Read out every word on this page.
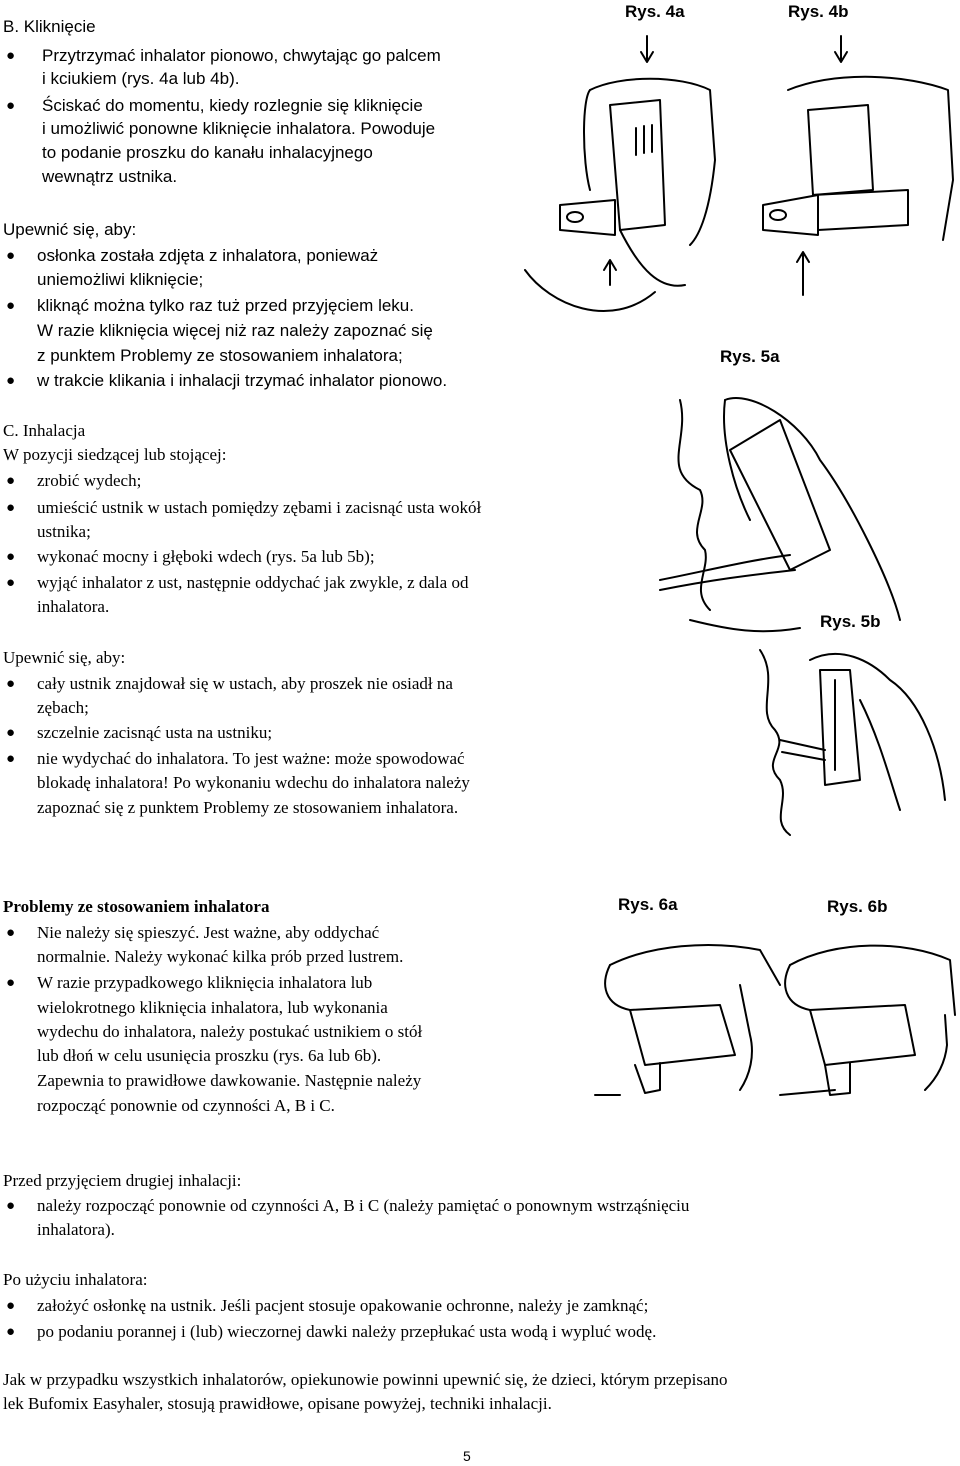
B. Kliknięcie
● Przytrzymać inhalator pionowo, chwytając go palcem
i kciukiem (rys. 4a lub 4b).
● Ściskać do momentu, kiedy rozlegnie się kliknięcie
i umożliwić ponowne kliknięcie inhalatora. Powoduje
to podanie proszku do kanału inhalacyjnego
wewnątrz ustnika.
Upewnić się, aby:
● osłonka została zdjęta z inhalatora, ponieważ
uniemożliwi kliknięcie;
● kliknąć można tylko raz tuż przed przyjęciem leku.
W razie kliknięcia więcej niż raz należy zapoznać się
z punktem Problemy ze stosowaniem inhalatora;
● w trakcie klikania i inhalacji trzymać inhalator pionowo.
C. Inhalacja
W pozycji siedzącej lub stojącej:
● zrobić wydech;
● umieścić ustnik w ustach pomiędzy zębami i zacisnąć usta wokół
ustnika;
● wykonać mocny i głęboki wdech (rys. 5a lub 5b);
● wyjąć inhalator z ust, następnie oddychać jak zwykle, z dala od
inhalatora.
Upewnić się, aby:
● cały ustnik znajdował się w ustach, aby proszek nie osiadł na
zębach;
● szczelnie zacisnąć usta na ustniku;
● nie wydychać do inhalatora. To jest ważne: może spowodować
blokadę inhalatora! Po wykonaniu wdechu do inhalatora należy
zapoznać się z punktem Problemy ze stosowaniem inhalatora.
Problemy ze stosowaniem inhalatora
● Nie należy się spieszyć. Jest ważne, aby oddychać
normalnie. Należy wykonać kilka prób przed lustrem.
● W razie przypadkowego kliknięcia inhalatora lub
wielokrotnego kliknięcia inhalatora, lub wykonania
wydechu do inhalatora, należy postukać ustnikiem o stół
lub dłoń w celu usunięcia proszku (rys. 6a lub 6b).
Zapewnia to prawidłowe dawkowanie. Następnie należy
rozpocząć ponownie od czynności A, B i C.
Przed przyjęciem drugiej inhalacji:
● należy rozpocząć ponownie od czynności A, B i C (należy pamiętać o ponownym wstrząśnięciu
inhalatora).
Po użyciu inhalatora:
● założyć osłonkę na ustnik. Jeśli pacjent stosuje opakowanie ochronne, należy je zamknąć;
● po podaniu porannej i (lub) wieczornej dawki należy przepłukać usta wodą i wypluć wodę.
Jak w przypadku wszystkich inhalatorów, opiekunowie powinni upewnić się, że dzieci, którym przepisano
lek Bufomix Easyhaler, stosują prawidłowe, opisane powyżej, techniki inhalacji.
5
Rys. 4a	Rys. 4b
Rys. 5a
Rys. 5b
Rys. 6a	Rys. 6b
